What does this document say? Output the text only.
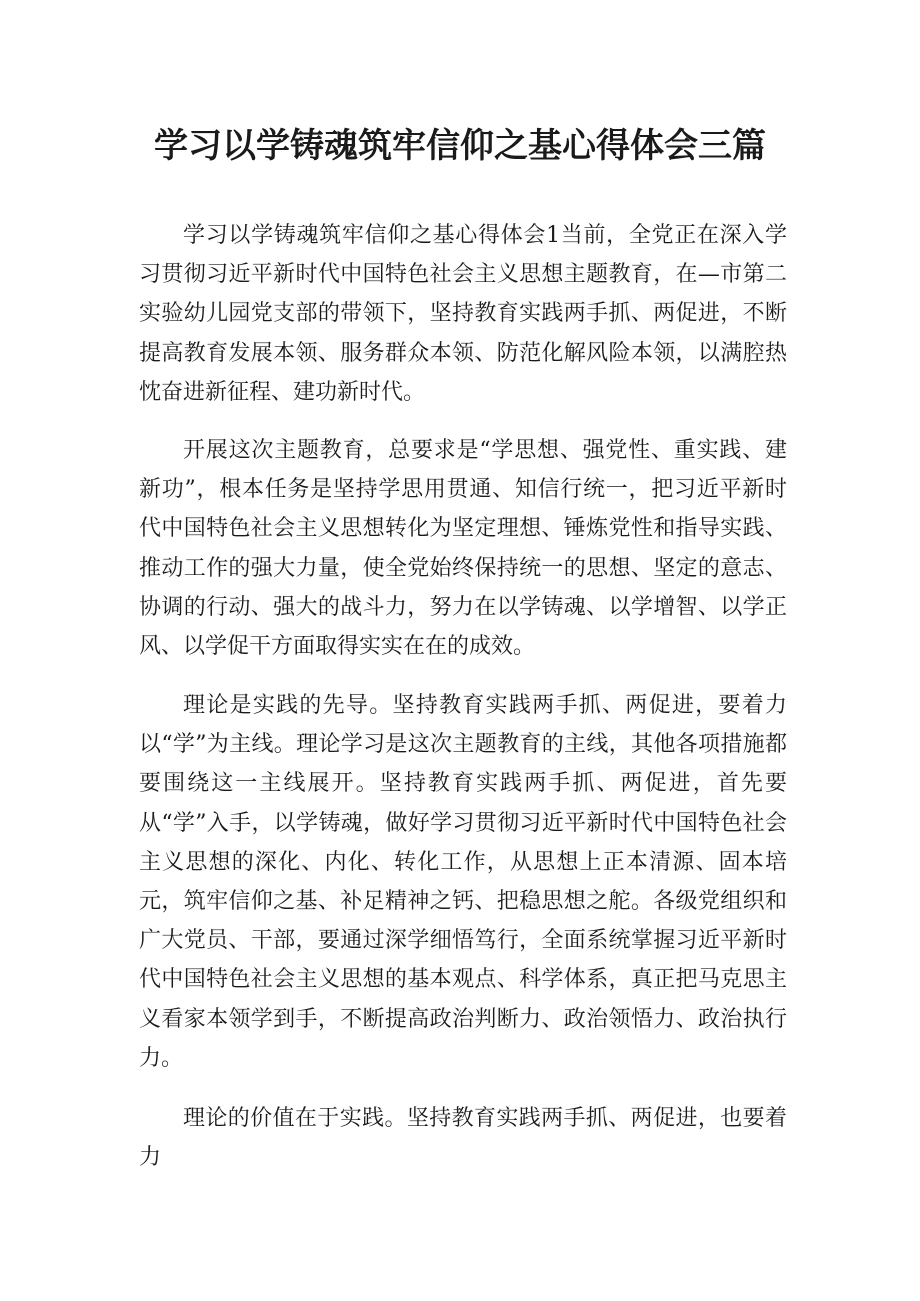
学习以学铸魂筑牢信仰之基心得体会三篇

学习以学铸魂筑牢信仰之基心得体会1当前，全党正在深入学习贯彻习近平新时代中国特色社会主义思想主题教育，在—市第二实验幼儿园党支部的带领下，坚持教育实践两手抓、两促进，不断提高教育发展本领、服务群众本领、防范化解风险本领，以满腔热忱奋进新征程、建功新时代。

开展这次主题教育，总要求是“学思想、强党性、重实践、建新功”，根本任务是坚持学思用贯通、知信行统一，把习近平新时代中国特色社会主义思想转化为坚定理想、锤炼党性和指导实践、推动工作的强大力量，使全党始终保持统一的思想、坚定的意志、协调的行动、强大的战斗力，努力在以学铸魂、以学增智、以学正风、以学促干方面取得实实在在的成效。

理论是实践的先导。坚持教育实践两手抓、两促进，要着力以“学”为主线。理论学习是这次主题教育的主线，其他各项措施都要围绕这一主线展开。坚持教育实践两手抓、两促进，首先要从“学”入手，以学铸魂，做好学习贯彻习近平新时代中国特色社会主义思想的深化、内化、转化工作，从思想上正本清源、固本培元，筑牢信仰之基、补足精神之钙、把稳思想之舵。各级党组织和广大党员、干部，要通过深学细悟笃行，全面系统掌握习近平新时代中国特色社会主义思想的基本观点、科学体系，真正把马克思主义看家本领学到手，不断提高政治判断力、政治领悟力、政治执行力。

理论的价值在于实践。坚持教育实践两手抓、两促进，也要着力
